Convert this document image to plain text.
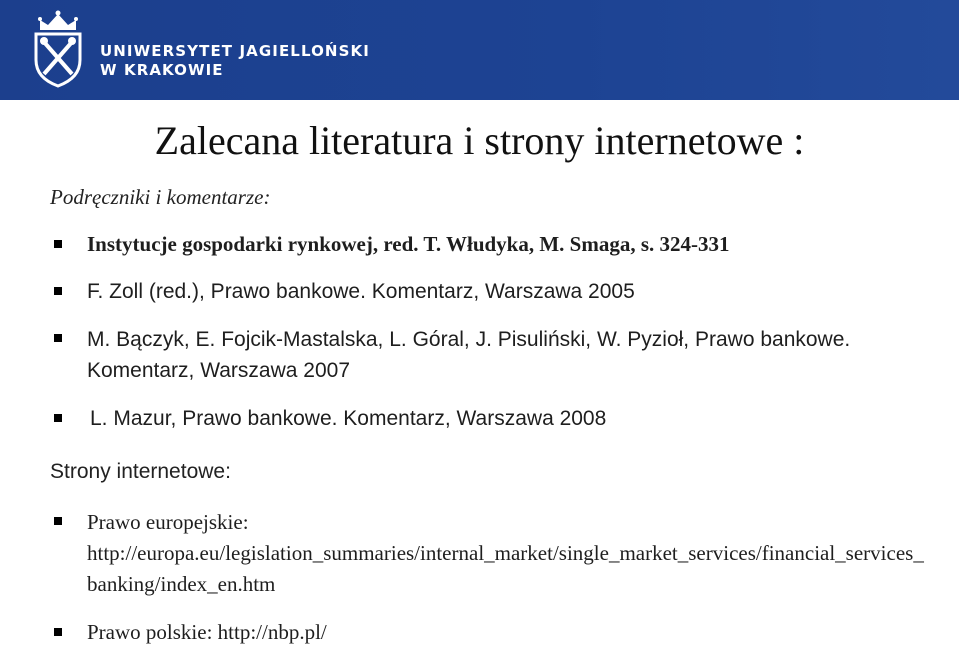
UNIWERSYTET JAGIELLOŃSKI
W KRAKOWIE
Zalecana literatura i strony internetowe :
Podręczniki i komentarze:
Instytucje gospodarki rynkowej, red. T. Włudyka, M. Smaga, s. 324-331
F. Zoll (red.), Prawo bankowe. Komentarz, Warszawa 2005
M. Bączyk, E. Fojcik-Mastalska, L. Góral, J. Pisuliński, W. Pyzioł, Prawo bankowe. Komentarz, Warszawa 2007
L. Mazur, Prawo bankowe. Komentarz, Warszawa 2008
Strony internetowe:
Prawo europejskie:
http://europa.eu/legislation_summaries/internal_market/single_market_services/financial_services_banking/index_en.htm
Prawo polskie: http://nbp.pl/
